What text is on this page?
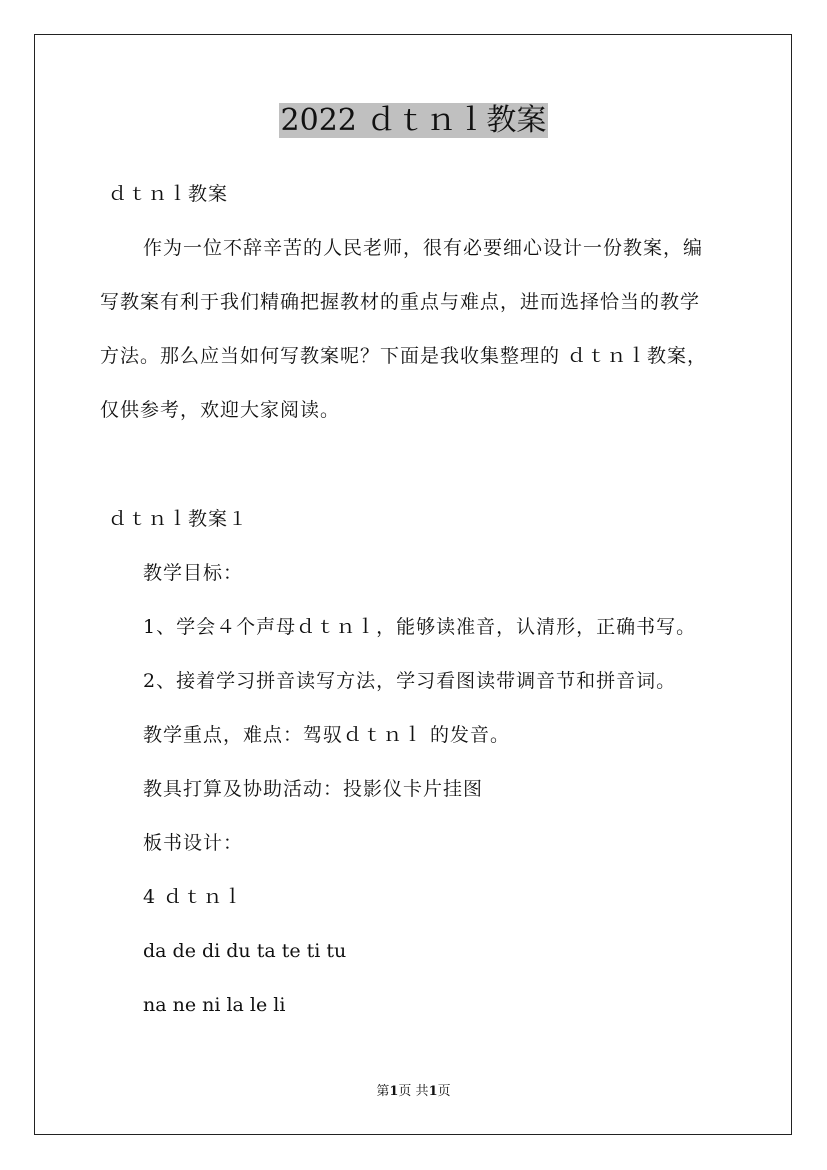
2022 ｄｔｎｌ教案
ｄｔｎｌ教案
作为一位不辞辛苦的人民老师，很有必要细心设计一份教案，编
写教案有利于我们精确把握教材的重点与难点，进而选择恰当的教学
方法。那么应当如何写教案呢？下面是我收集整理的 ｄｔｎｌ教案，
仅供参考，欢迎大家阅读。
ｄｔｎｌ教案１
教学目标：
1、学会４个声母ｄｔｎｌ，能够读准音，认清形，正确书写。
2、接着学习拼音读写方法，学习看图读带调音节和拼音词。
教学重点，难点：驾驭ｄｔｎｌ 的发音。
教具打算及协助活动：投影仪卡片挂图
板书设计：
4 ｄｔｎｌ
da de di du ta te ti tu
na ne ni la le li
第1页 共1页
